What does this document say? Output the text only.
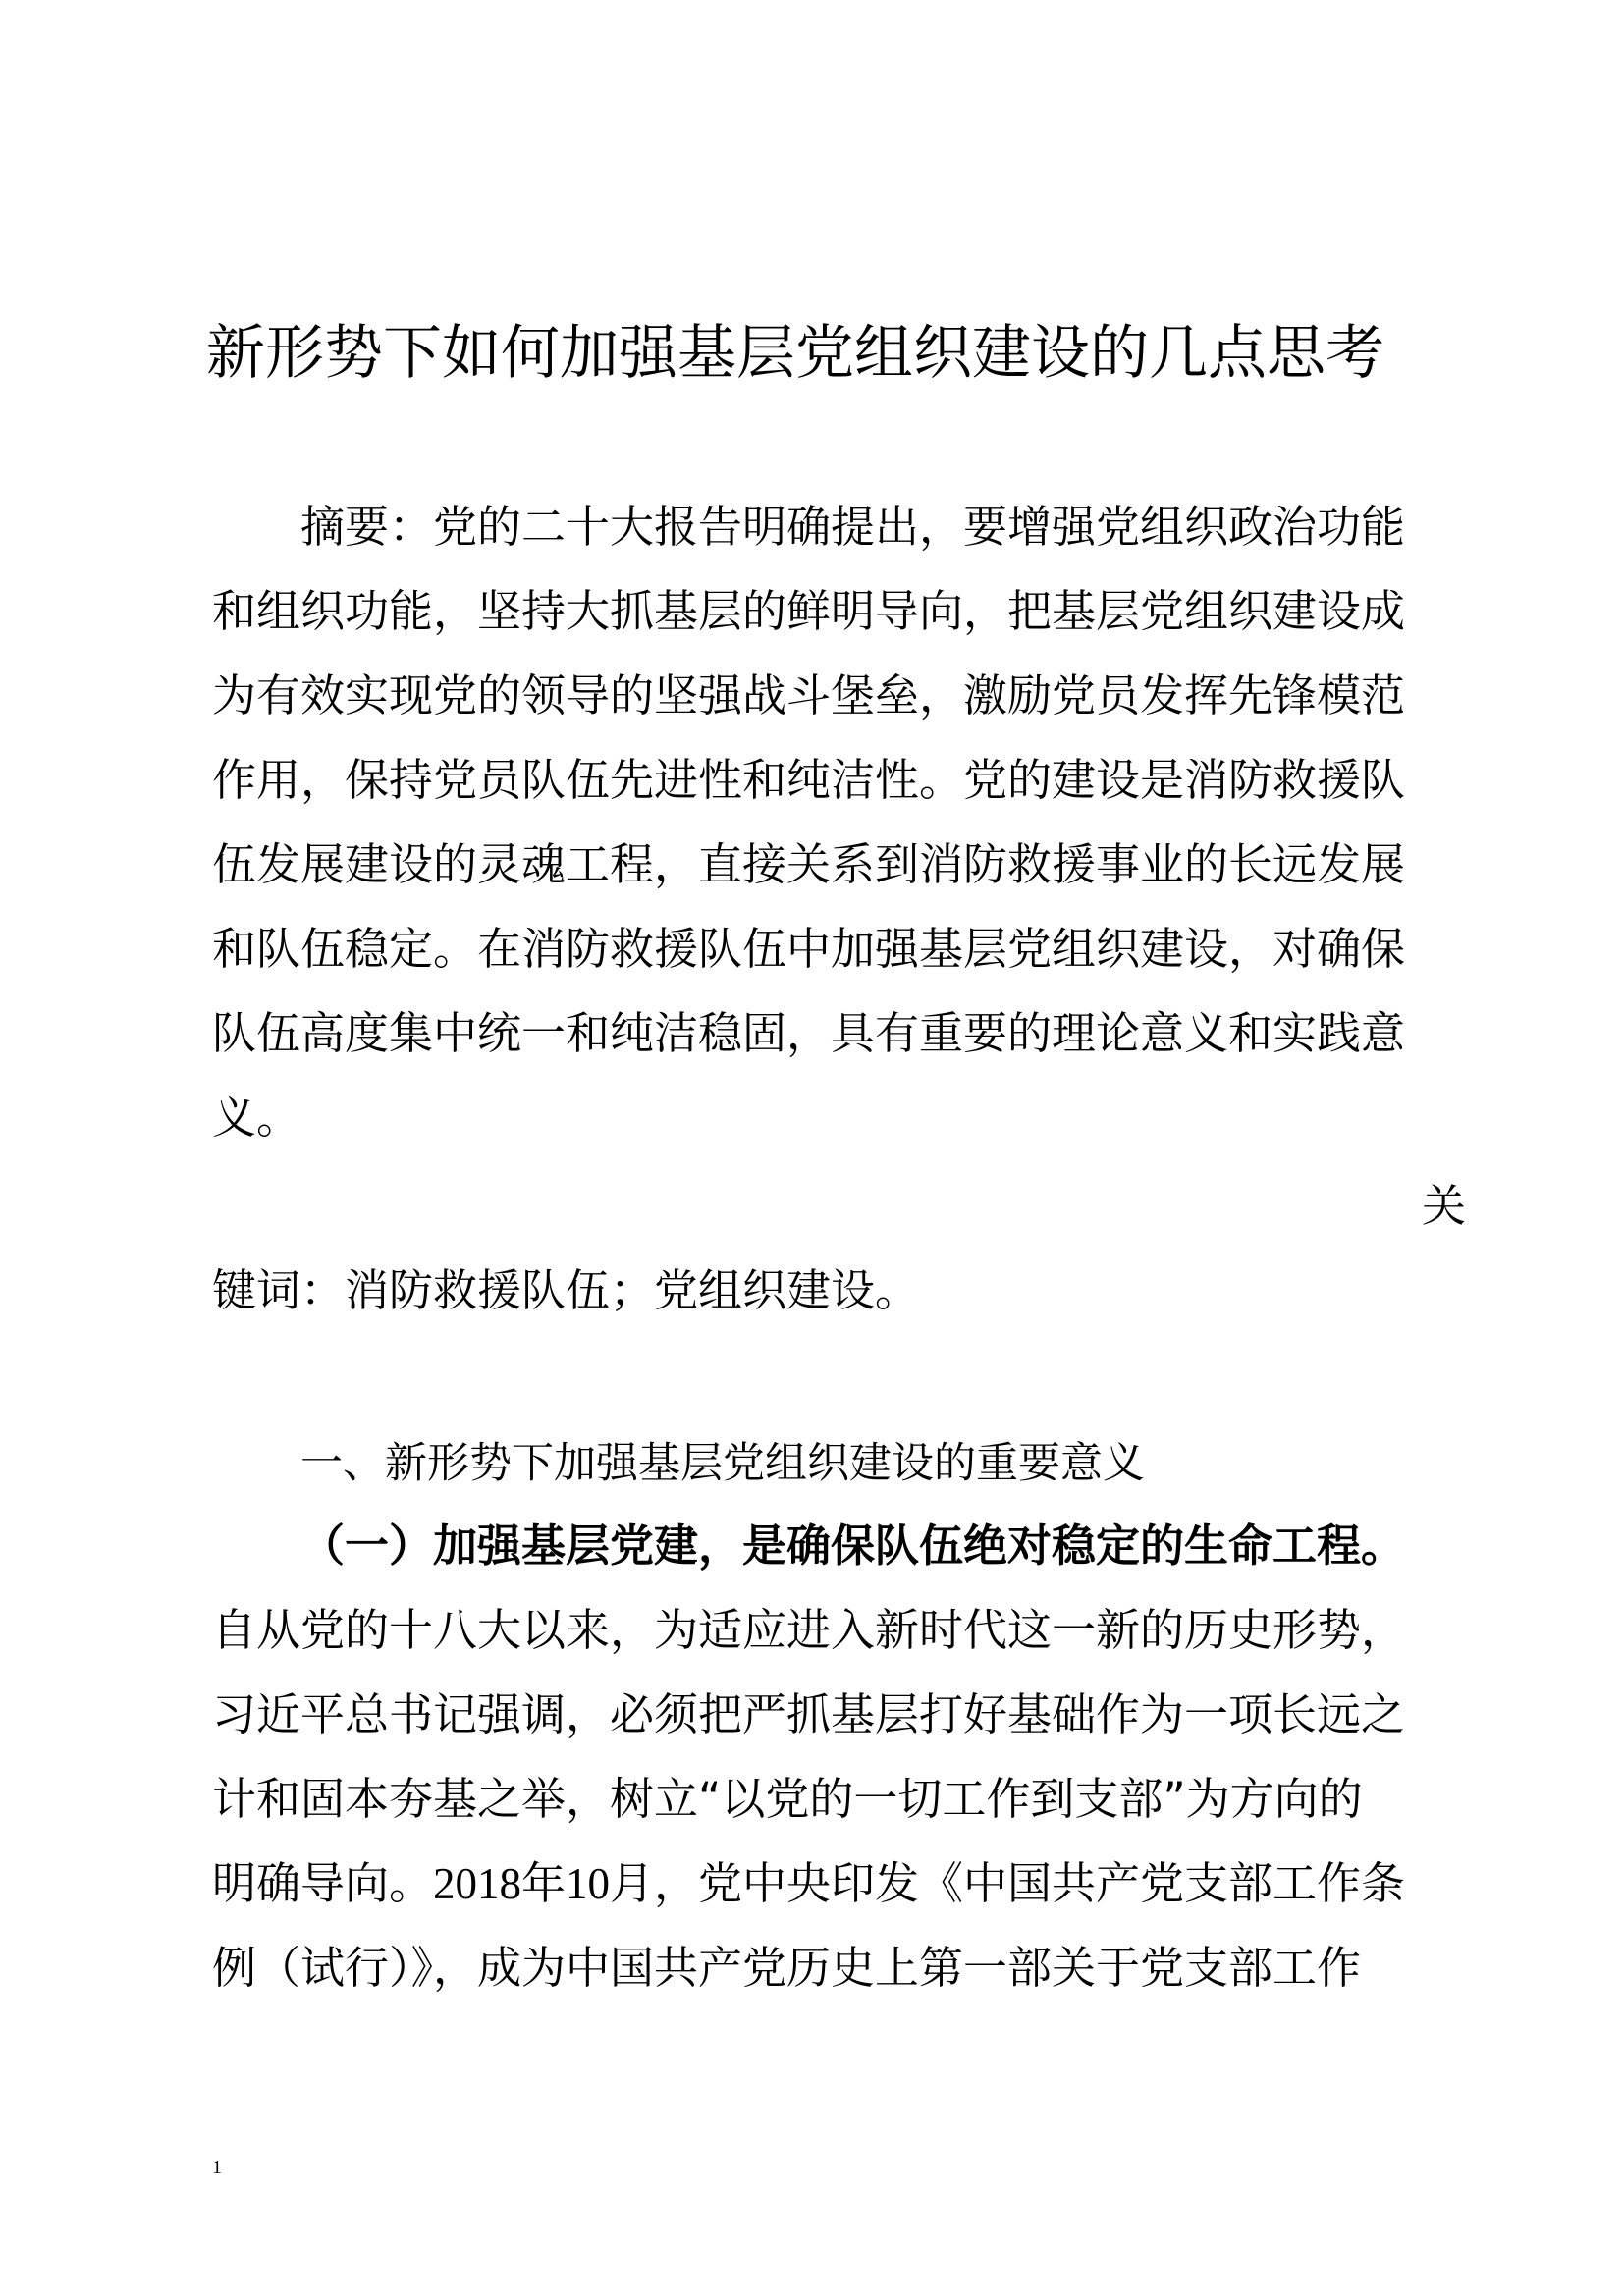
新形势下如何加强基层党组织建设的几点思考
摘要：党的二十大报告明确提出，要增强党组织政治功能
和组织功能，坚持大抓基层的鲜明导向，把基层党组织建设成
为有效实现党的领导的坚强战斗堡垒，激励党员发挥先锋模范
作用，保持党员队伍先进性和纯洁性。党的建设是消防救援队
伍发展建设的灵魂工程，直接关系到消防救援事业的长远发展
和队伍稳定。在消防救援队伍中加强基层党组织建设，对确保
队伍高度集中统一和纯洁稳固，具有重要的理论意义和实践意
义。
关
键词：消防救援队伍；党组织建设。
一、新形势下加强基层党组织建设的重要意义
（一）加强基层党建，是确保队伍绝对稳定的生命工程。
自从党的十八大以来，为适应进入新时代这一新的历史形势，
习近平总书记强调，必须把严抓基层打好基础作为一项长远之
计和固本夯基之举，树立“以党的一切工作到支部”为方向的
明确导向。2018年10月，党中央印发《中国共产党支部工作条
例（试行）》，成为中国共产党历史上第一部关于党支部工作
1
